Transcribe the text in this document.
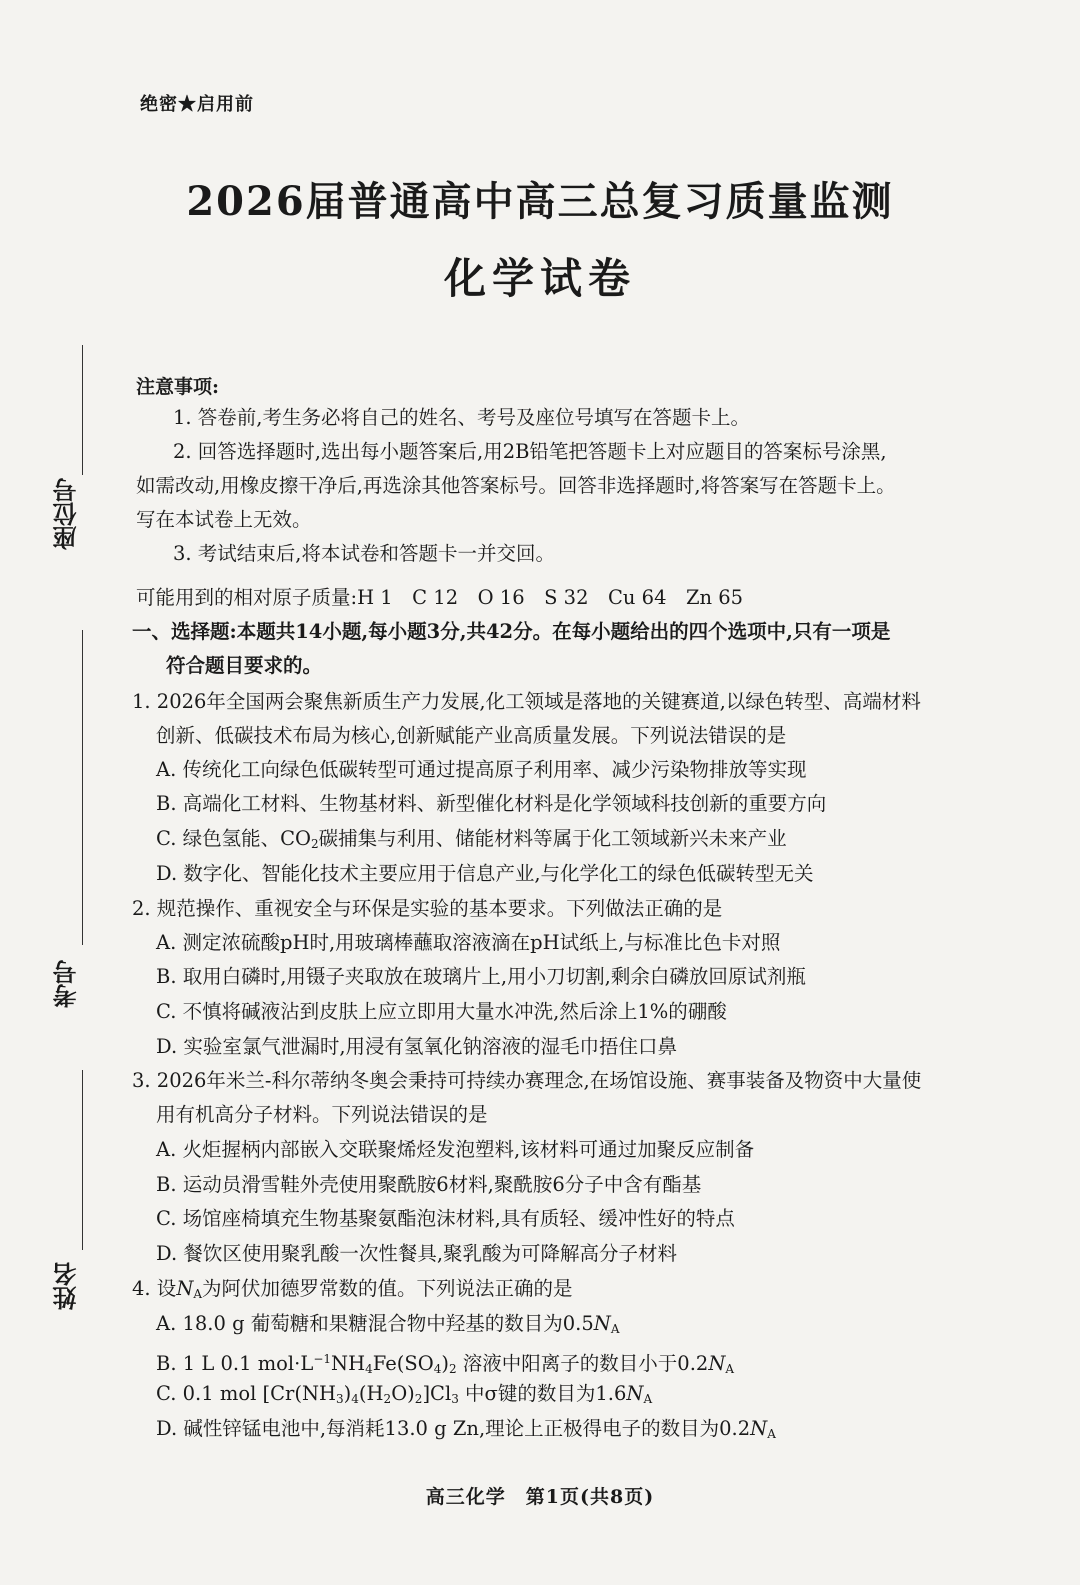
绝密★启用前
2026届普通高中高三总复习质量监测
化学试卷
座位号
考号
姓名
注意事项:
1. 答卷前,考生务必将自己的姓名、考号及座位号填写在答题卡上。
2. 回答选择题时,选出每小题答案后,用2B铅笔把答题卡上对应题目的答案标号涂黑,
如需改动,用橡皮擦干净后,再选涂其他答案标号。回答非选择题时,将答案写在答题卡上。
写在本试卷上无效。
3. 考试结束后,将本试卷和答题卡一并交回。
可能用到的相对原子质量:H 1　C 12　O 16　S 32　Cu 64　Zn 65
一、选择题:本题共14小题,每小题3分,共42分。在每小题给出的四个选项中,只有一项是
符合题目要求的。
1. 2026年全国两会聚焦新质生产力发展,化工领域是落地的关键赛道,以绿色转型、高端材料
创新、低碳技术布局为核心,创新赋能产业高质量发展。下列说法错误的是
A. 传统化工向绿色低碳转型可通过提高原子利用率、减少污染物排放等实现
B. 高端化工材料、生物基材料、新型催化材料是化学领域科技创新的重要方向
C. 绿色氢能、$CO_2$碳捕集与利用、储能材料等属于化工领域新兴未来产业
D. 数字化、智能化技术主要应用于信息产业,与化学化工的绿色低碳转型无关
2. 规范操作、重视安全与环保是实验的基本要求。下列做法正确的是
A. 测定浓硫酸pH时,用玻璃棒蘸取溶液滴在pH试纸上,与标准比色卡对照
B. 取用白磷时,用镊子夹取放在玻璃片上,用小刀切割,剩余白磷放回原试剂瓶
C. 不慎将碱液沾到皮肤上应立即用大量水冲洗,然后涂上1%的硼酸
D. 实验室氯气泄漏时,用浸有氢氧化钠溶液的湿毛巾捂住口鼻
3. 2026年米兰-科尔蒂纳冬奥会秉持可持续办赛理念,在场馆设施、赛事装备及物资中大量使
用有机高分子材料。下列说法错误的是
A. 火炬握柄内部嵌入交联聚烯烃发泡塑料,该材料可通过加聚反应制备
B. 运动员滑雪鞋外壳使用聚酰胺6材料,聚酰胺6分子中含有酯基
C. 场馆座椅填充生物基聚氨酯泡沫材料,具有质轻、缓冲性好的特点
D. 餐饮区使用聚乳酸一次性餐具,聚乳酸为可降解高分子材料
4. 设$N_A$为阿伏加德罗常数的值。下列说法正确的是
A. 18.0 g 葡萄糖和果糖混合物中羟基的数目为$0.5N_A$
B. 1 L 0.1 $mol\cdot L^{-1}NH_4Fe(SO_4)_2$ 溶液中阳离子的数目小于$0.2N_A$
C. 0.1 mol $[Cr(NH_3)_4(H_2O)_2]Cl_3$ 中σ键的数目为$1.6N_A$
D. 碱性锌锰电池中,每消耗13.0 g Zn,理论上正极得电子的数目为$0.2N_A$
高三化学　第1页(共8页)
